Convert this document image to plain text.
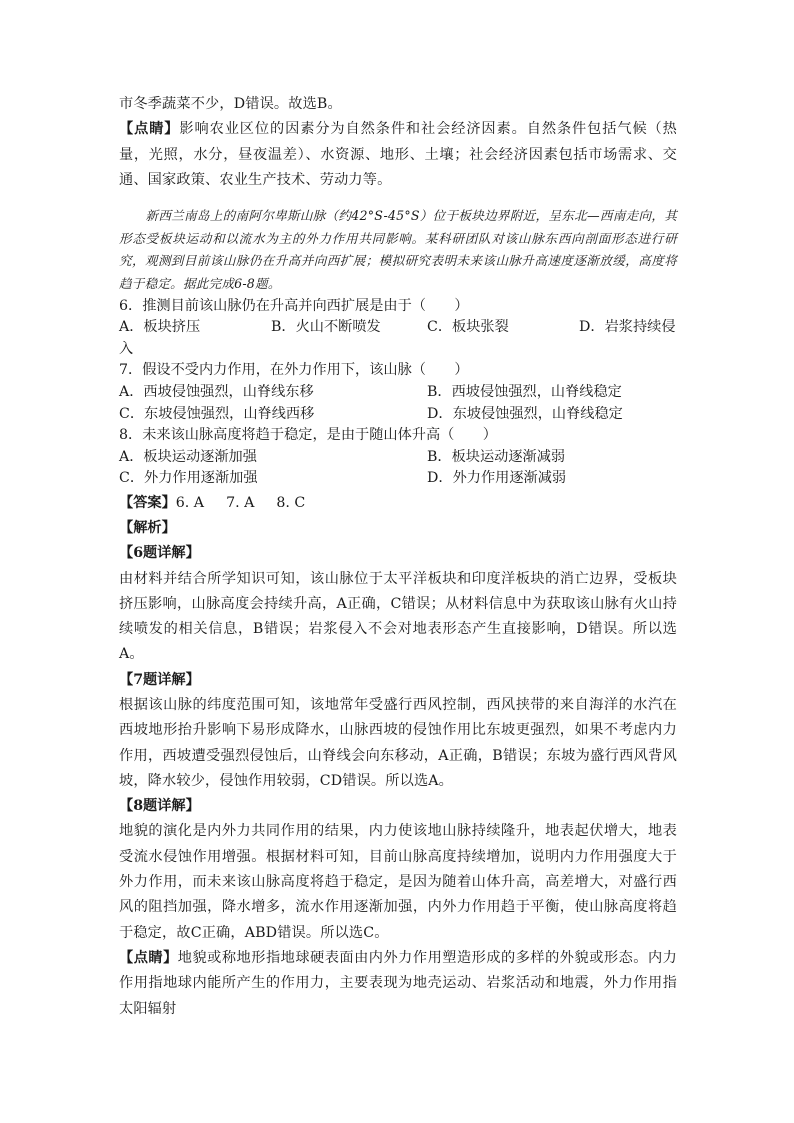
市冬季蔬菜不少，D错误。故选B。

【点睛】影响农业区位的因素分为自然条件和社会经济因素。自然条件包括气候（热量，光照，水分，昼夜温差）、水资源、地形、土壤；社会经济因素包括市场需求、交通、国家政策、农业生产技术、劳动力等。

新西兰南岛上的南阿尔卑斯山脉（约42°S-45°S）位于板块边界附近，呈东北—西南走向，其形态受板块运动和以流水为主的外力作用共同影响。某科研团队对该山脉东西向剖面形态进行研究，观测到目前该山脉仍在升高并向西扩展；模拟研究表明未来该山脉升高速度逐渐放缓，高度将趋于稳定。据此完成6-8题。

6．推测目前该山脉仍在升高并向西扩展是由于（　　）

A．板块挤压	B．火山不断喷发	C．板块张裂	D．岩浆持续侵

入

7．假设不受内力作用，在外力作用下，该山脉（　　）

A．西坡侵蚀强烈，山脊线东移	B．西坡侵蚀强烈，山脊线稳定
C．东坡侵蚀强烈，山脊线西移	D．东坡侵蚀强烈，山脊线稳定

8．未来该山脉高度将趋于稳定，是由于随山体升高（　　）

A．板块运动逐渐加强	B．板块运动逐渐减弱
C．外力作用逐渐加强	D．外力作用逐渐减弱

【答案】6. A 7. A 8. C

【解析】

【6题详解】

由材料并结合所学知识可知，该山脉位于太平洋板块和印度洋板块的消亡边界，受板块挤压影响，山脉高度会持续升高，A正确，C错误；从材料信息中为获取该山脉有火山持续喷发的相关信息，B错误；岩浆侵入不会对地表形态产生直接影响，D错误。所以选A。

【7题详解】

根据该山脉的纬度范围可知，该地常年受盛行西风控制，西风挟带的来自海洋的水汽在西坡地形抬升影响下易形成降水，山脉西坡的侵蚀作用比东坡更强烈，如果不考虑内力作用，西坡遭受强烈侵蚀后，山脊线会向东移动，A正确，B错误；东坡为盛行西风背风坡，降水较少，侵蚀作用较弱，CD错误。所以选A。

【8题详解】

地貌的演化是内外力共同作用的结果，内力使该地山脉持续隆升，地表起伏增大，地表受流水侵蚀作用增强。根据材料可知，目前山脉高度持续增加，说明内力作用强度大于外力作用，而未来该山脉高度将趋于稳定，是因为随着山体升高，高差增大，对盛行西风的阻挡加强，降水增多，流水作用逐渐加强，内外力作用趋于平衡，使山脉高度将趋于稳定，故C正确，ABD错误。所以选C。

【点睛】地貌或称地形指地球硬表面由内外力作用塑造形成的多样的外貌或形态。内力作用指地球内能所产生的作用力，主要表现为地壳运动、岩浆活动和地震，外力作用指太阳辐射
